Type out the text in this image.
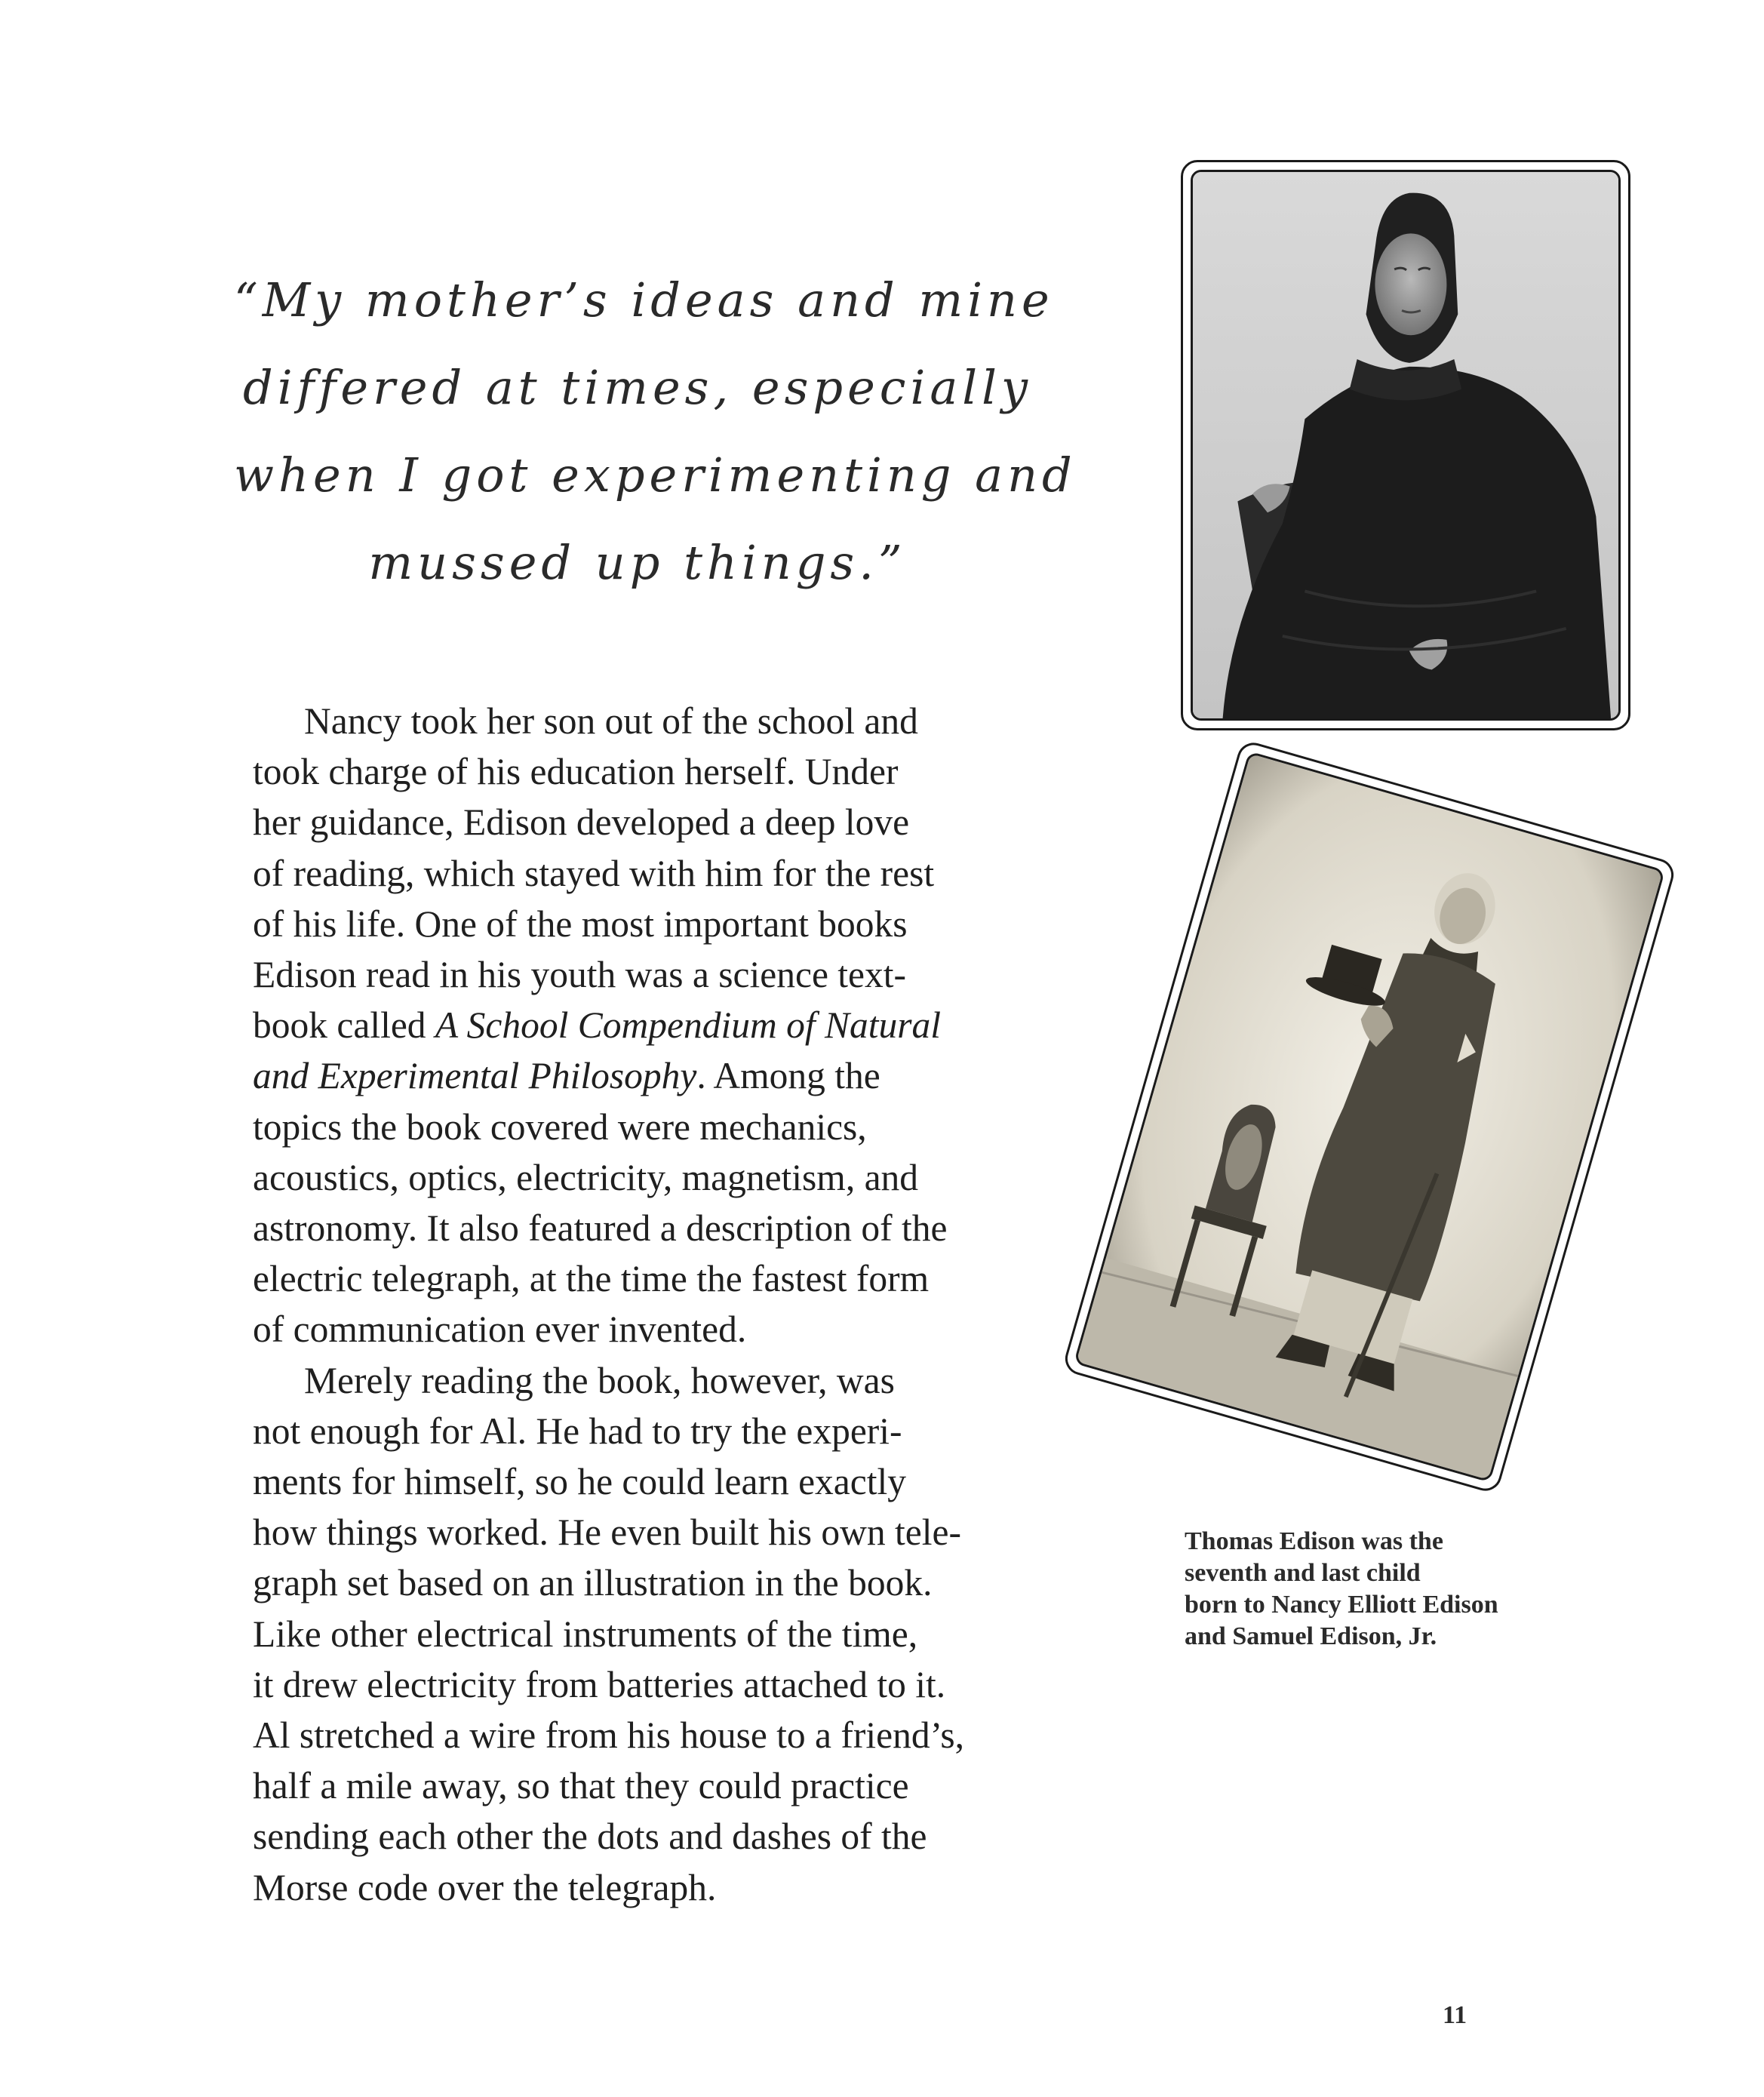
“My mother’s ideas and mine
differed at times, especially
when I got experimenting and
mussed up things.”
Nancy took her son out of the school and
took charge of his education herself. Under
her guidance, Edison developed a deep love
of reading, which stayed with him for the rest
of his life. One of the most important books
Edison read in his youth was a science text-
book called A School Compendium of Natural
and Experimental Philosophy. Among the
topics the book covered were mechanics,
acoustics, optics, electricity, magnetism, and
astronomy. It also featured a description of the
electric telegraph, at the time the fastest form
of communication ever invented.
Merely reading the book, however, was
not enough for Al. He had to try the experi-
ments for himself, so he could learn exactly
how things worked. He even built his own tele-
graph set based on an illustration in the book.
Like other electrical instruments of the time,
it drew electricity from batteries attached to it.
Al stretched a wire from his house to a friend’s,
half a mile away, so that they could practice
sending each other the dots and dashes of the
Morse code over the telegraph.
Thomas Edison was the
seventh and last child
born to Nancy Elliott Edison
and Samuel Edison, Jr.
11
